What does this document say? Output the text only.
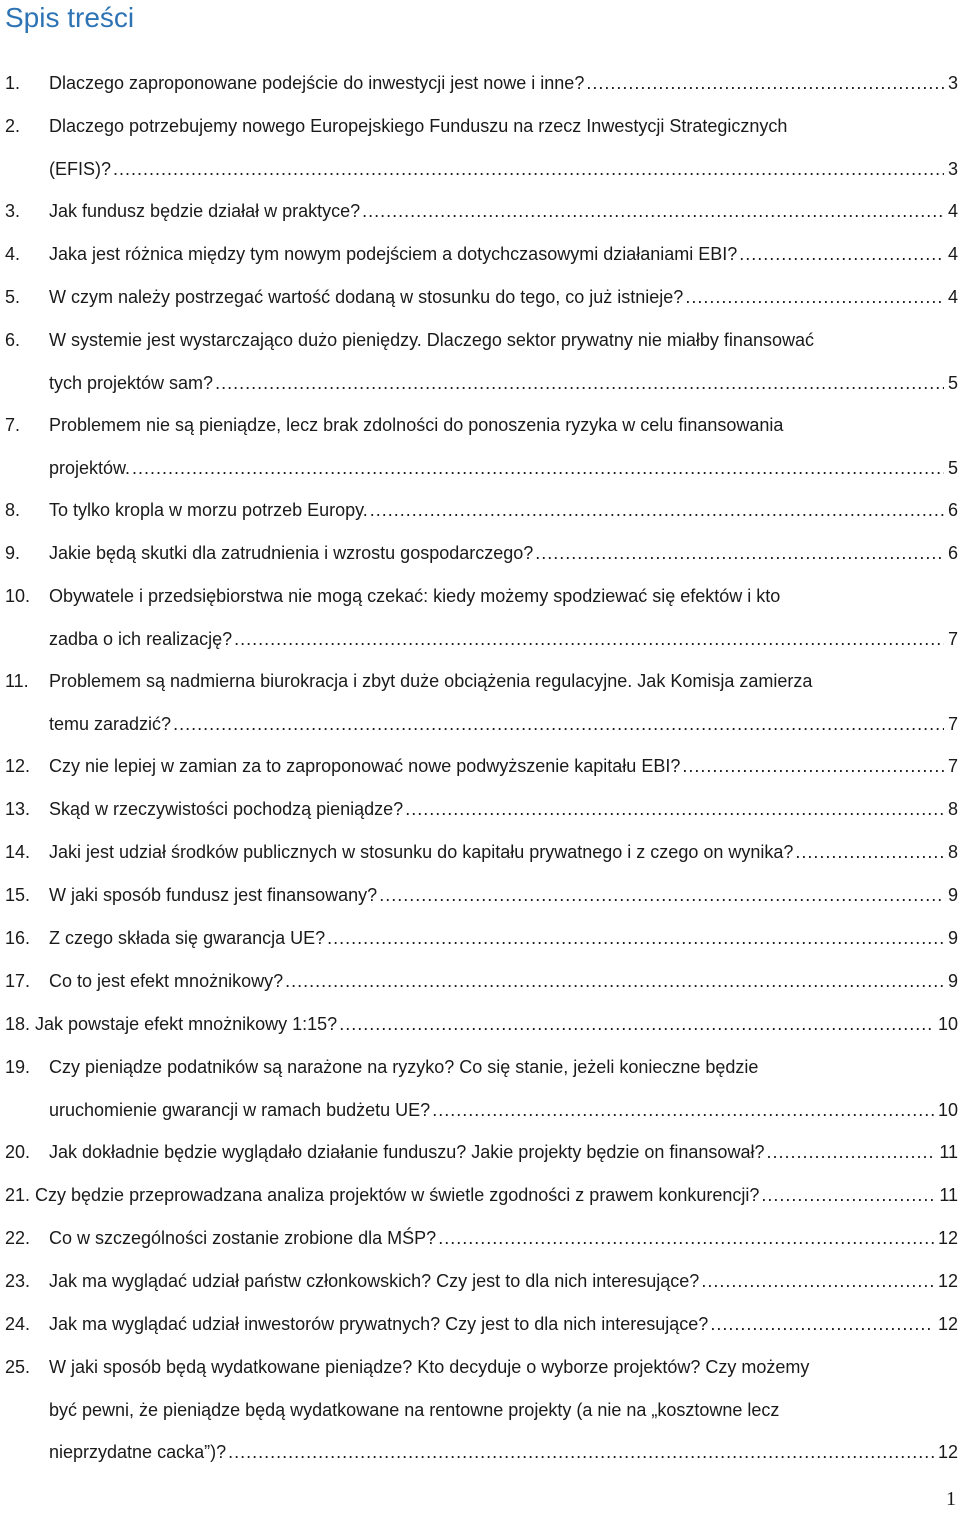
Spis treści
1. Dlaczego zaproponowane podejście do inwestycji jest nowe i inne? .....	3
2. Dlaczego potrzebujemy nowego Europejskiego Funduszu na rzecz Inwestycji Strategicznych
(EFIS)? .....	3
3. Jak fundusz będzie działał w praktyce? .....	4
4. Jaka jest różnica między tym nowym podejściem a dotychczasowymi działaniami EBI? .....	4
5. W czym należy postrzegać wartość dodaną w stosunku do tego, co już istnieje? .....	4
6. W systemie jest wystarczająco dużo pieniędzy. Dlaczego sektor prywatny nie miałby finansować
tych projektów sam? .....	5
7. Problemem nie są pieniądze, lecz brak zdolności do ponoszenia ryzyka w celu finansowania
projektów. .....	5
8. To tylko kropla w morzu potrzeb Europy. .....	6
9. Jakie będą skutki dla zatrudnienia i wzrostu gospodarczego? .....	6
10. Obywatele i przedsiębiorstwa nie mogą czekać: kiedy możemy spodziewać się efektów i kto
zadba o ich realizację? .....	7
11. Problemem są nadmierna biurokracja i zbyt duże obciążenia regulacyjne. Jak Komisja zamierza
temu zaradzić? .....	7
12. Czy nie lepiej w zamian za to zaproponować nowe podwyższenie kapitału EBI? .....	7
13. Skąd w rzeczywistości pochodzą pieniądze? .....	8
14. Jaki jest udział środków publicznych w stosunku do kapitału prywatnego i z czego on wynika? .....	8
15. W jaki sposób fundusz jest finansowany? .....	9
16. Z czego składa się gwarancja UE? .....	9
17. Co to jest efekt mnożnikowy? .....	9
18. Jak powstaje efekt mnożnikowy 1:15? .....	10
19. Czy pieniądze podatników są narażone na ryzyko? Co się stanie, jeżeli konieczne będzie
uruchomienie gwarancji w ramach budżetu UE? .....	10
20. Jak dokładnie będzie wyglądało działanie funduszu? Jakie projekty będzie on finansował? .....	11
21. Czy będzie przeprowadzana analiza projektów w świetle zgodności z prawem konkurencji? .....	11
22. Co w szczególności zostanie zrobione dla MŚP? .....	12
23. Jak ma wyglądać udział państw członkowskich? Czy jest to dla nich interesujące? .....	12
24. Jak ma wyglądać udział inwestorów prywatnych? Czy jest to dla nich interesujące? .....	12
25. W jaki sposób będą wydatkowane pieniądze? Kto decyduje o wyborze projektów? Czy możemy
być pewni, że pieniądze będą wydatkowane na rentowne projekty (a nie na „kosztowne lecz
nieprzydatne cacka”)? .....	12
1
